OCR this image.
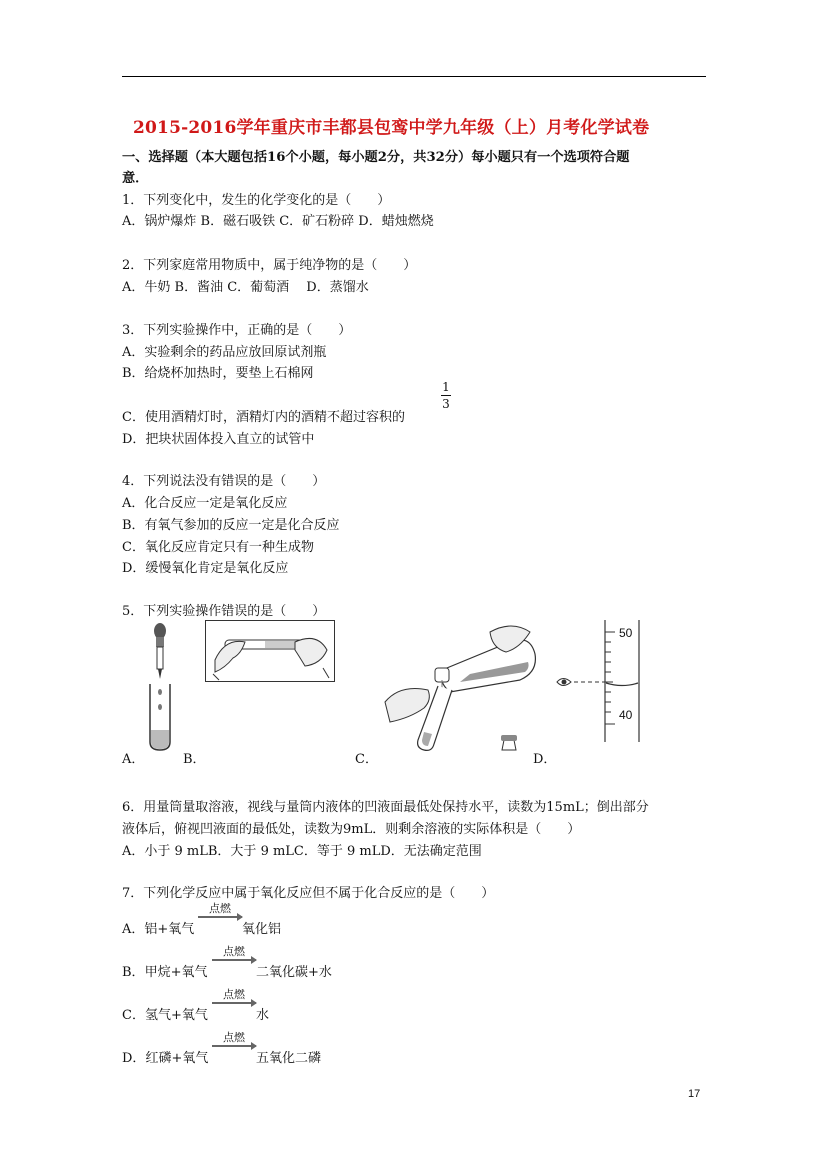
2015-2016学年重庆市丰都县包鸾中学九年级（上）月考化学试卷
一、选择题（本大题包括16个小题，每小题2分，共32分）每小题只有一个选项符合题
意．
1．下列变化中，发生的化学变化的是（　　）
A．锅炉爆炸 B．磁石吸铁 C．矿石粉碎 D．蜡烛燃烧
2．下列家庭常用物质中，属于纯净物的是（　　）
A．牛奶 B．酱油 C．葡萄酒　 D．蒸馏水
3．下列实验操作中，正确的是（　　）
A．实验剩余的药品应放回原试剂瓶
B．给烧杯加热时，要垫上石棉网
C．使用酒精灯时，酒精灯内的酒精不超过容积的
1
3
D．把块状固体投入直立的试管中
4．下列说法没有错误的是（　　）
A．化合反应一定是氧化反应
B．有氧气参加的反应一定是化合反应
C．氧化反应肯定只有一种生成物
D．缓慢氧化肯定是氧化反应
5．下列实验操作错误的是（　　）
A．	B．	C．
50
40
D．
6．用量筒量取溶液，视线与量筒内液体的凹液面最低处保持水平，读数为15mL；倒出部分
液体后，俯视凹液面的最低处，读数为9mL．则剩余溶液的实际体积是（　　）
A．小于 9 mLB．大于 9 mLC．等于 9 mLD．无法确定范围
7．下列化学反应中属于氧化反应但不属于化合反应的是（　　）
A．铝+氧气
点燃
氧化铝
B．甲烷+氧气
点燃
二氧化碳+水
C．氢气+氧气
点燃
水
D．红磷+氧气
点燃
五氧化二磷
17
